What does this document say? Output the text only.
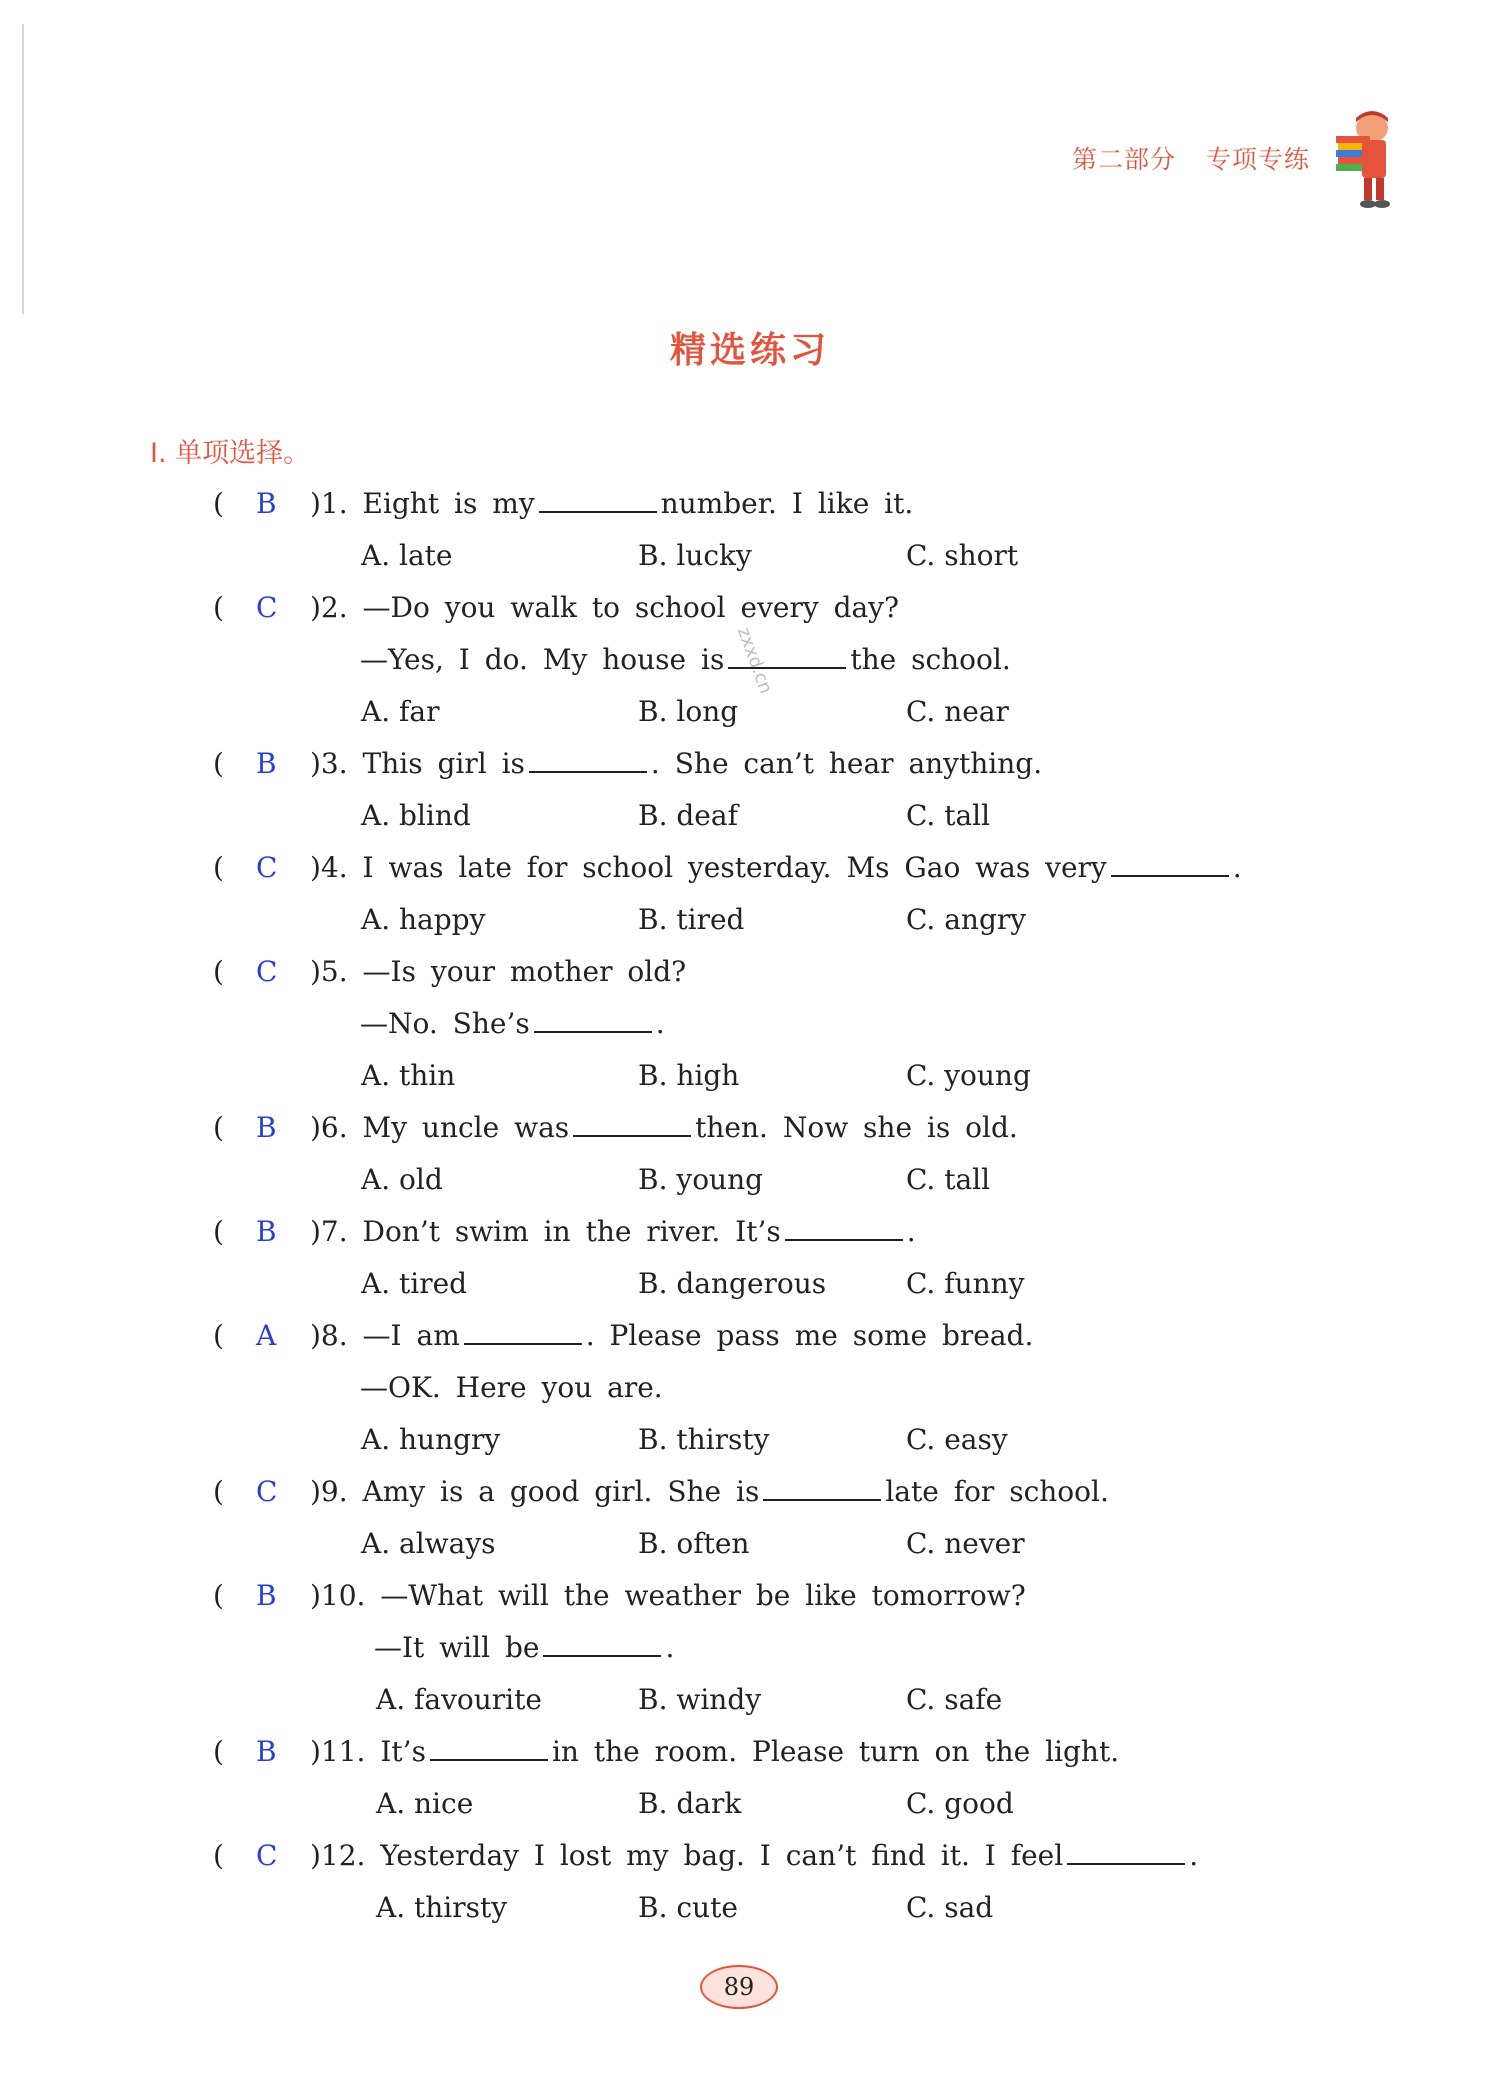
第二部分 专项专练
精选练习
I. 单项选择。
zxxd.cn
( B )1. Eight is my	number. I like it.
A. late	B. lucky	C. short
( C )2. —Do you walk to school every day?
—Yes, I do. My house is	the school.
A. far	B. long	C. near
( B )3. This girl is	. She can’t hear anything.
A. blind	B. deaf	C. tall
( C )4. I was late for school yesterday. Ms Gao was very	.
A. happy	B. tired	C. angry
( C )5. —Is your mother old?
—No. She’s	.
A. thin	B. high	C. young
( B )6. My uncle was	then. Now she is old.
A. old	B. young	C. tall
( B )7. Don’t swim in the river. It’s	.
A. tired	B. dangerous	C. funny
( A )8. —I am	. Please pass me some bread.
—OK. Here you are.
A. hungry	B. thirsty	C. easy
( C )9. Amy is a good girl. She is	late for school.
A. always	B. often	C. never
( B )10. —What will the weather be like tomorrow?
—It will be	.
A. favourite	B. windy	C. safe
( B )11. It’s	in the room. Please turn on the light.
A. nice	B. dark	C. good
( C )12. Yesterday I lost my bag. I can’t find it. I feel	.
A. thirsty	B. cute	C. sad
89
